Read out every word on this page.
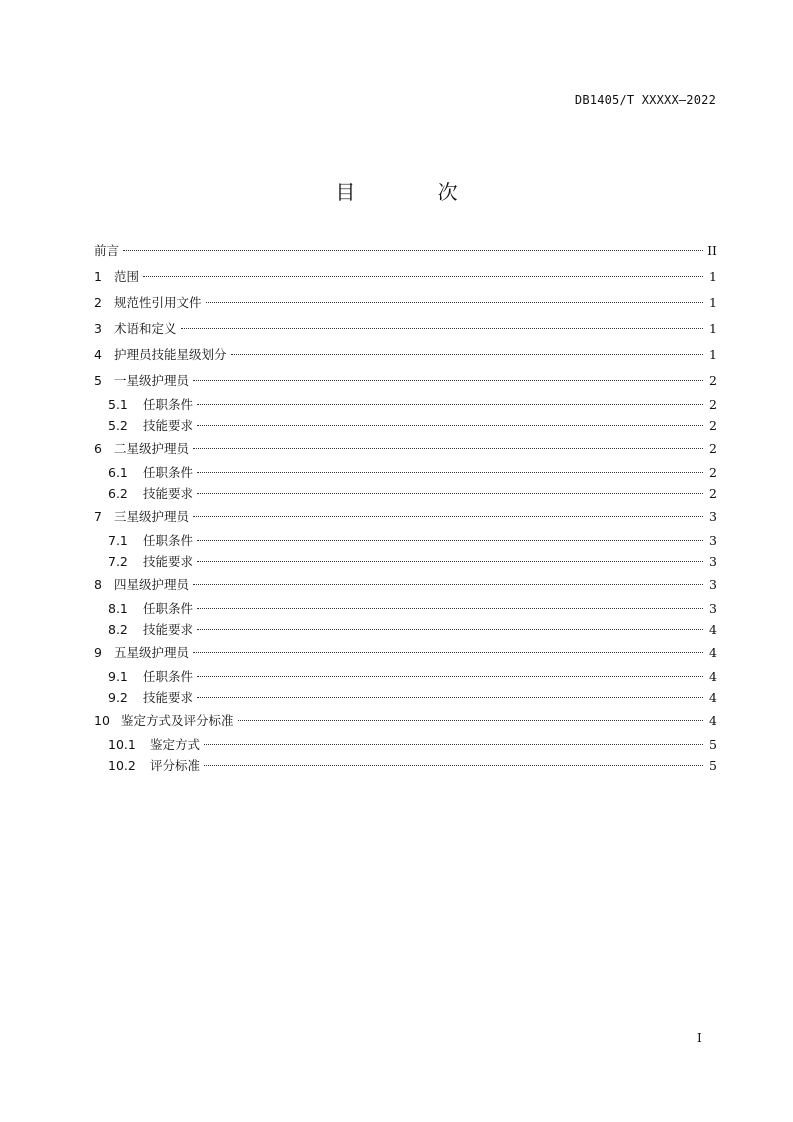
DB1405/T XXXXX—2022
目 次
前言	II
1 范围	1
2 规范性引用文件	1
3 术语和定义	1
4 护理员技能星级划分	1
5 一星级护理员	2
5.1	任职条件	2
5.2	技能要求	2
6 二星级护理员	2
6.1	任职条件	2
6.2	技能要求	2
7 三星级护理员	3
7.1	任职条件	3
7.2	技能要求	3
8 四星级护理员	3
8.1	任职条件	3
8.2	技能要求	4
9 五星级护理员	4
9.1	任职条件	4
9.2	技能要求	4
10 鉴定方式及评分标准	4
10.1	鉴定方式	5
10.2	评分标准	5
I
